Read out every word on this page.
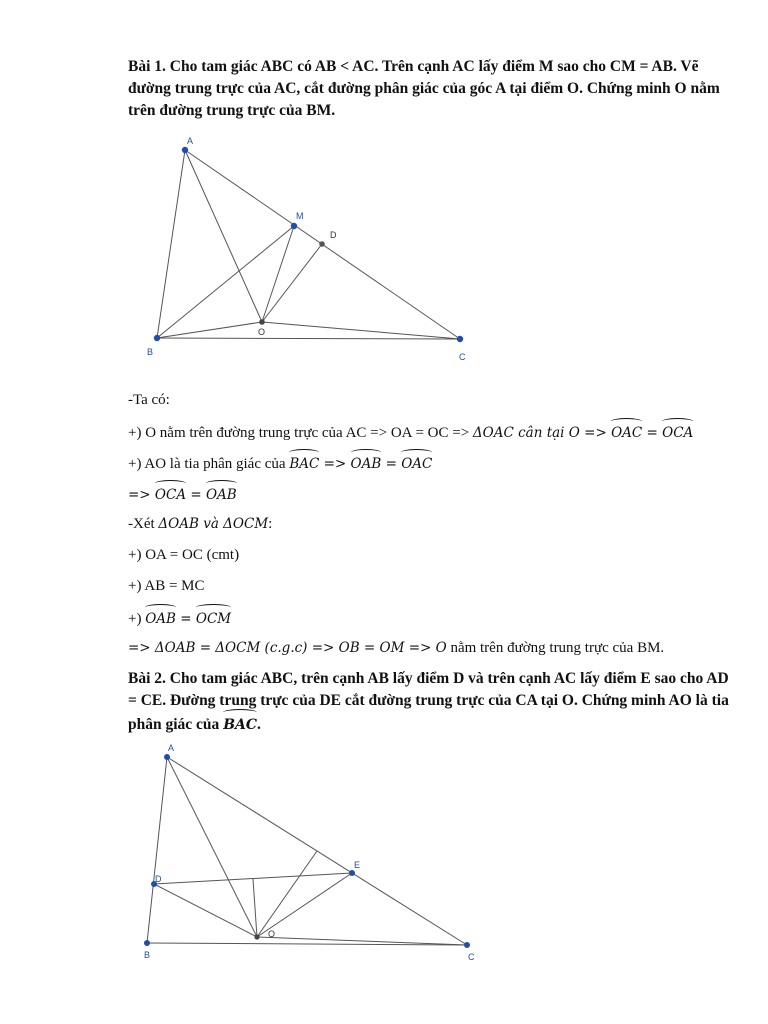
Bài 1. Cho tam giác ABC có AB < AC. Trên cạnh AC lấy điểm M sao cho CM = AB. Vẽ
đường trung trực của AC, cắt đường phân giác của góc A tại điểm O. Chứng minh O nằm
trên đường trung trực của BM.
A
M
D
O
B	C
-Ta có:
+) O nằm trên đường trung trực của AC => OA = OC => ΔOAC cân tại O => OAC = OCA
+) AO là tia phân giác của BAC => OAB = OAC
=> OCA = OAB
-Xét ΔOAB và ΔOCM:
+) OA = OC (cmt)
+) AB = MC
+) OAB = OCM
=> ΔOAB = ΔOCM (c.g.c) => OB = OM => O nằm trên đường trung trực của BM.
Bài 2. Cho tam giác ABC, trên cạnh AB lấy điểm D và trên cạnh AC lấy điểm E sao cho AD
= CE. Đường trung trực của DE cắt đường trung trực của CA tại O. Chứng minh AO là tia
phân giác của BAC.
A
D
E
O
B	C
